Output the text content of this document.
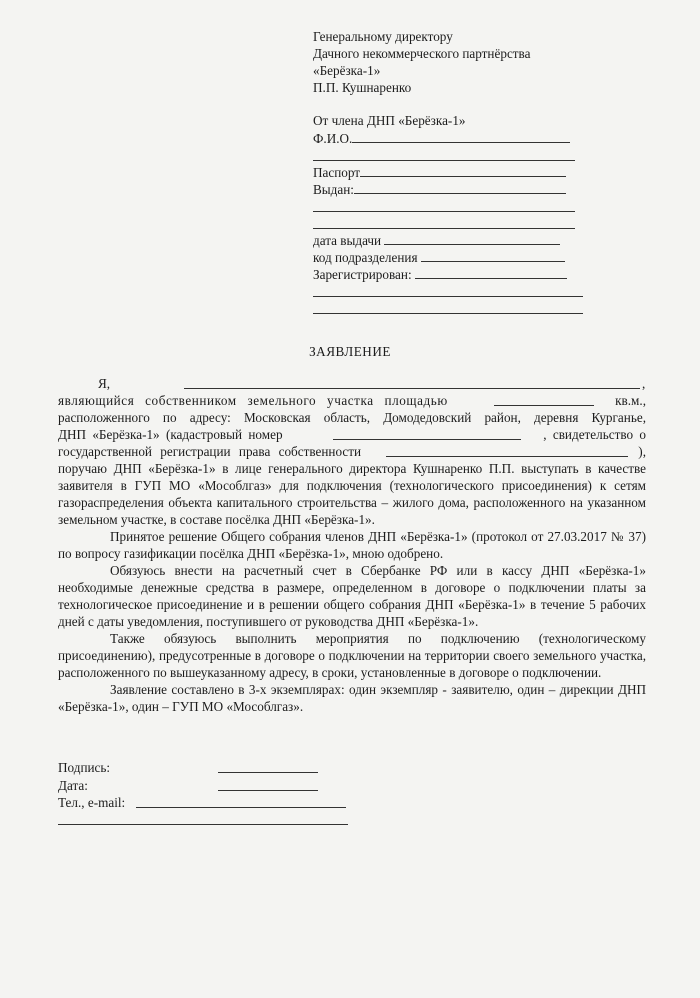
Генеральному директору
Дачного некоммерческого партнёрства
«Берёзка-1»
П.П. Кушнаренко
От члена ДНП «Берёзка-1»
Ф.И.О.
Паспорт
Выдан:
дата выдачи
код подразделения
Зарегистрирован:
ЗАЯВЛЕНИЕ
Я,	,
являющийся собственником земельного участка площадью	кв.м.,

расположенного по адресу: Московская область, Домодедовский район, деревня Курганье,

ДНП «Берёзка-1» (кадастровый номер	, свидетельство о
государственной регистрации права собственности	),

поручаю ДНП «Берёзка-1» в лице генерального директора Кушнаренко П.П. выступать в качестве заявителя в ГУП МО «Мособлгаз» для подключения (технологического присоединения) к сетям газораспределения объекта капитального строительства – жилого дома, расположенного на указанном земельном участке, в составе посёлка ДНП «Берёзка-1».

Принятое решение Общего собрания членов ДНП «Берёзка-1» (протокол от 27.03.2017 № 37) по вопросу газификации посёлка ДНП «Берёзка-1», мною одобрено.

Обязуюсь внести на расчетный счет в Сбербанке РФ или в кассу ДНП «Берёзка-1» необходимые денежные средства в размере, определенном в договоре о подключении платы за технологическое присоединение и в решении общего собрания ДНП «Берёзка-1» в течение 5 рабочих дней с даты уведомления, поступившего от руководства ДНП «Берёзка-1».

Также обязуюсь выполнить мероприятия по подключению (технологическому присоединению), предусотренные в договоре о подключении на территории своего земельного участка, расположенного по вышеуказанному адресу, в сроки, установленные в договоре о подключении.

Заявление составлено в 3-х экземплярах: один экземпляр - заявителю, один – дирекции ДНП «Берёзка-1», один – ГУП МО «Мособлгаз».

Подпись:
Дата:
Тел., e-mail:
